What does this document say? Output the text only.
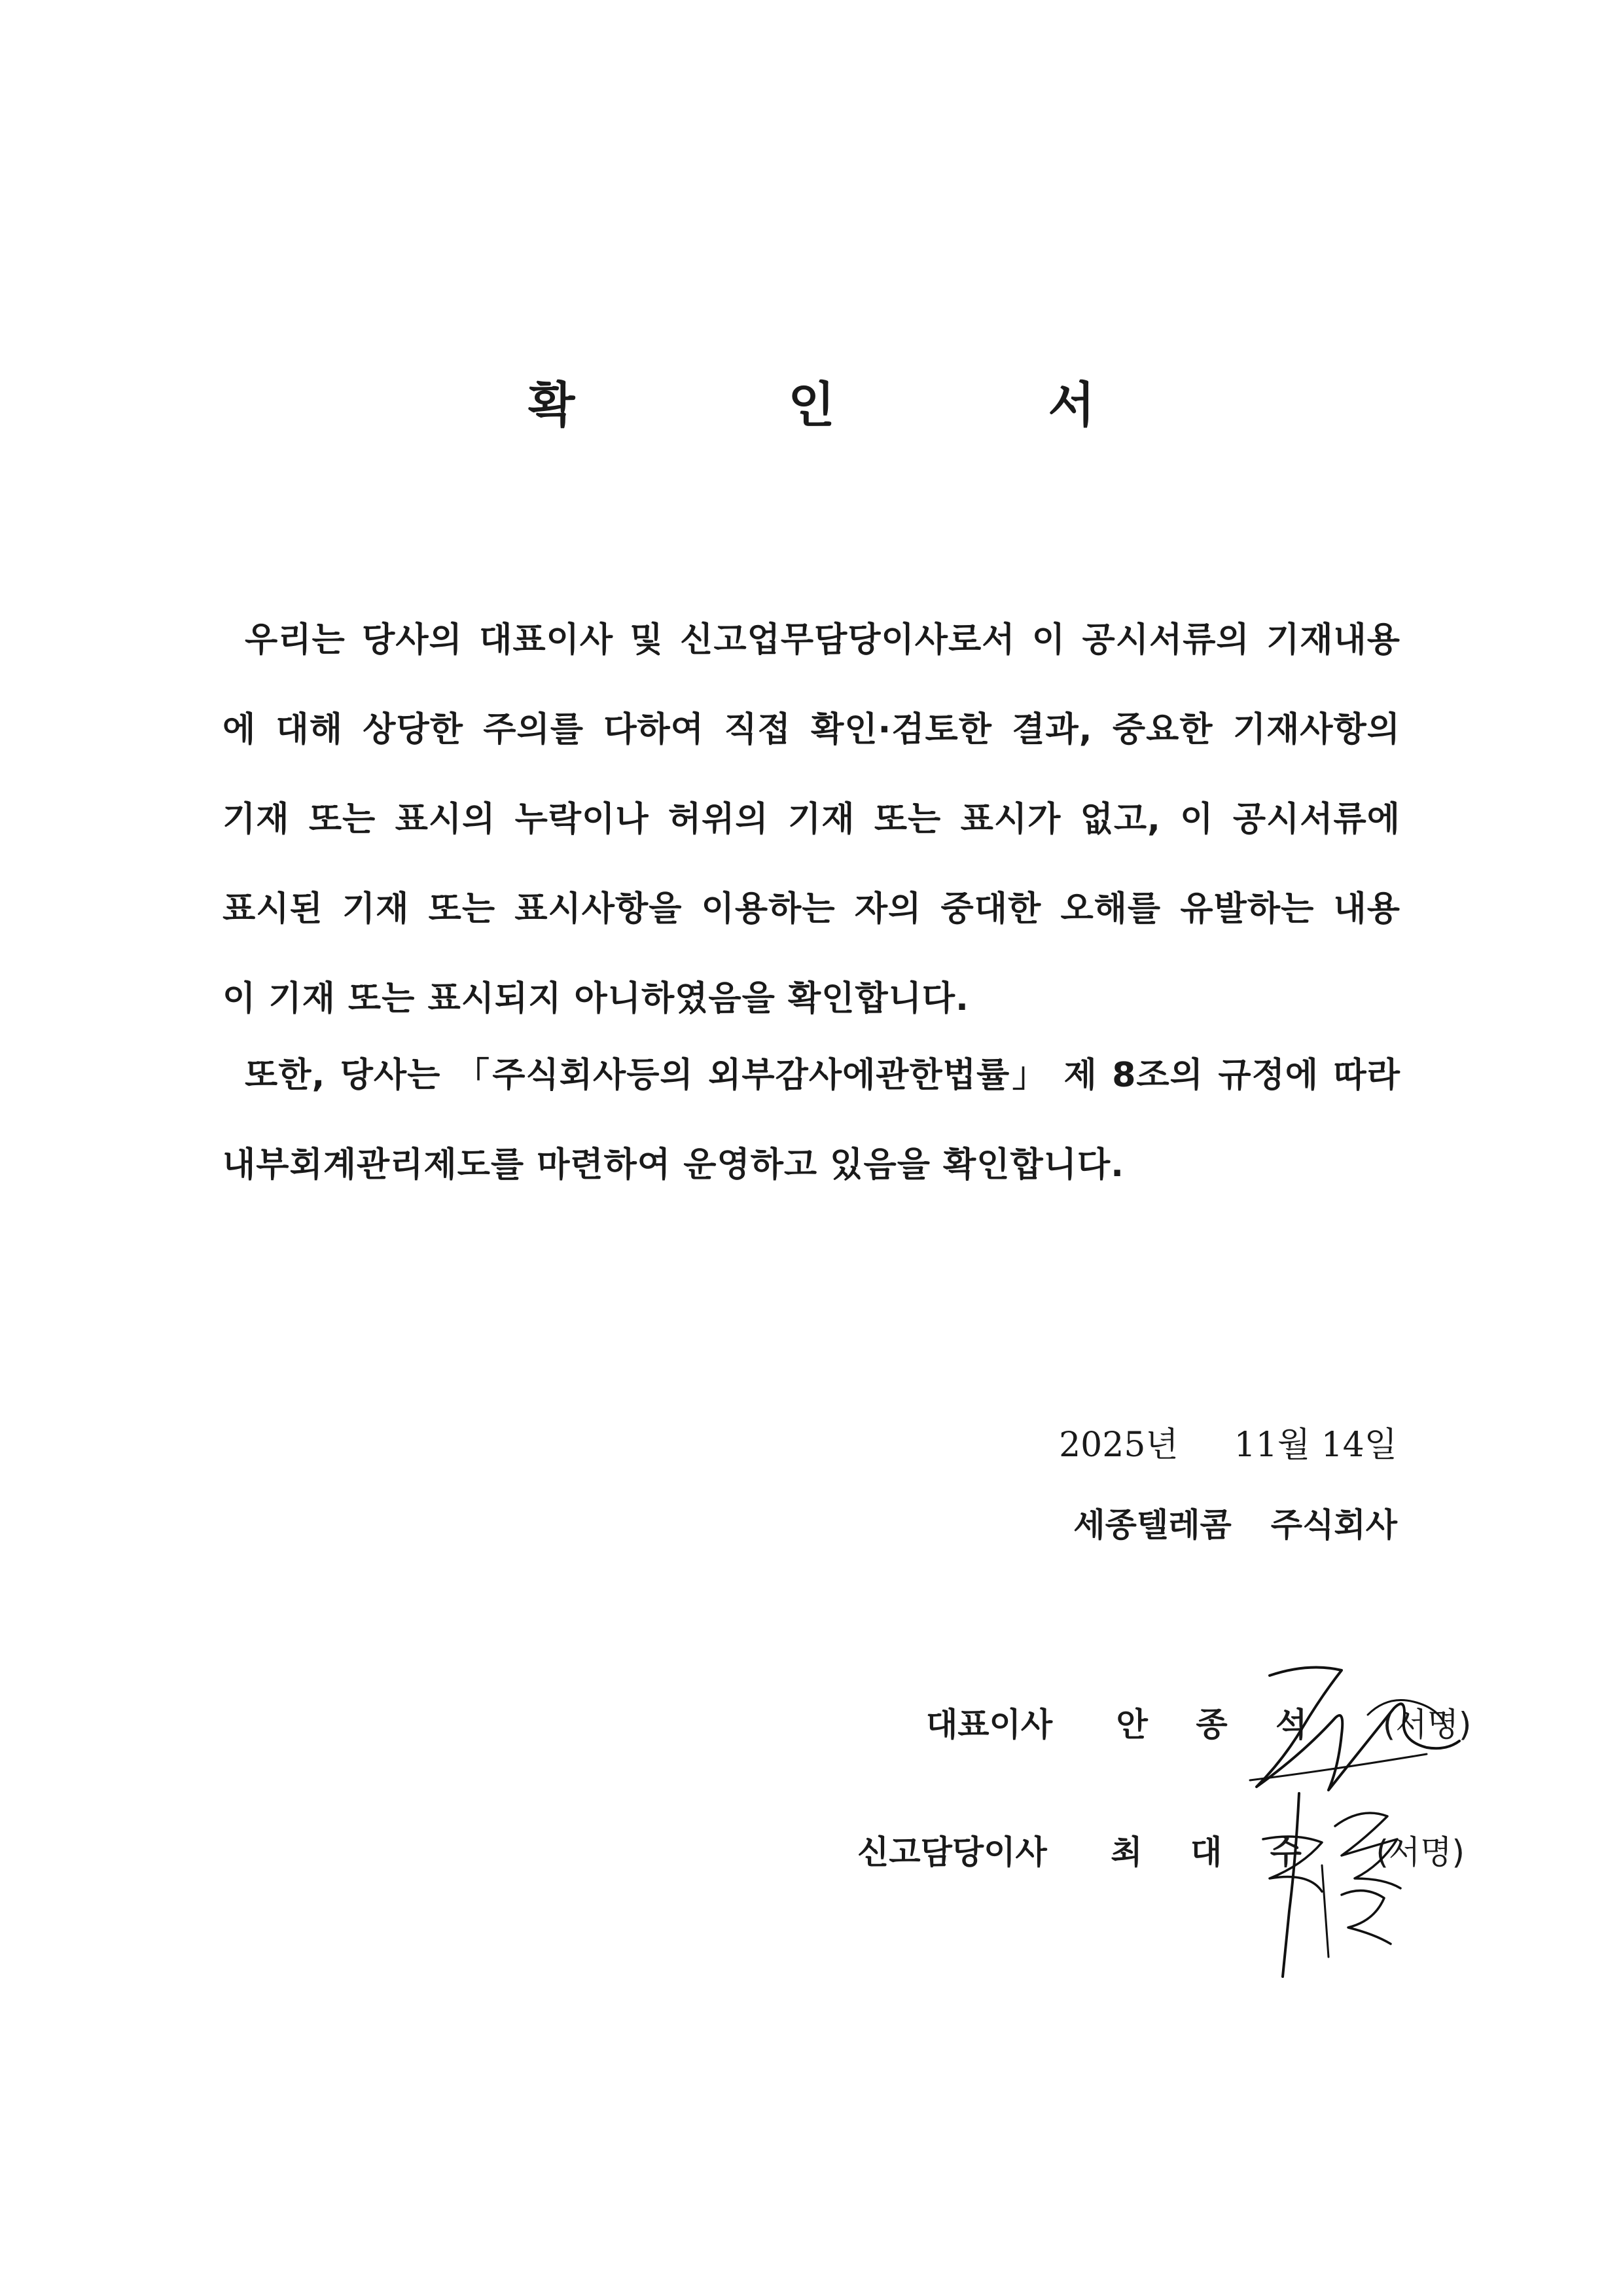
확 인 서
우리는 당사의 대표이사 및 신고업무담당이사로서 이 공시서류의 기재내용
에 대해 상당한 주의를 다하여 직접 확인·검토한 결과, 중요한 기재사항의
기재 또는 표시의 누락이나 허위의 기재 또는 표시가 없고, 이 공시서류에
표시된 기재 또는 표시사항을 이용하는 자의 중대한 오해를 유발하는 내용
이 기재 또는 표시되지 아니하였음을 확인합니다.
또한, 당사는 「주식회사등의 외부감사에관한법률」 제 8조의 규정에 따라
내부회계관리제도를 마련하여 운영하고 있음을 확인합니다.
2025년 11월 14일
세종텔레콤 주식회사
대표이사 안 종 석 (서명)
신고담당이사 최 대 수 (서명)
